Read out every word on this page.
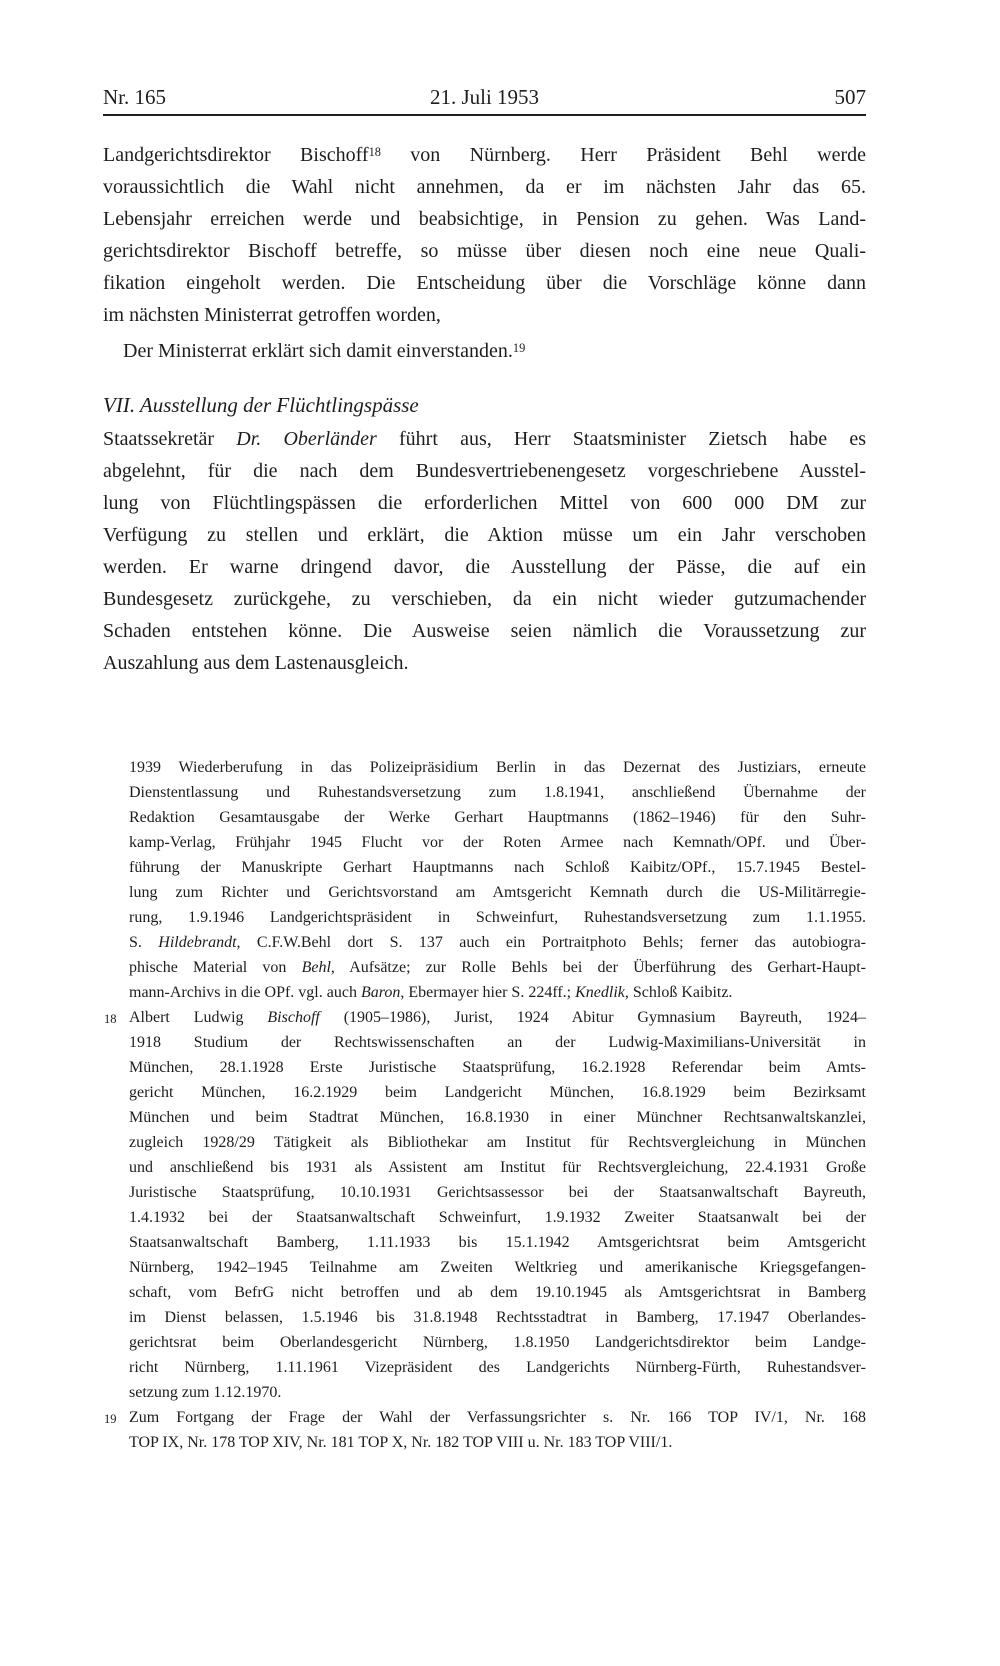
Nr. 165	21. Juli 1953	507
Landgerichtsdirektor Bischoff$^{18}$ von Nürnberg. Herr Präsident Behl werde
voraussichtlich die Wahl nicht annehmen, da er im nächsten Jahr das 65.
Lebensjahr erreichen werde und beabsichtige, in Pension zu gehen. Was Land-
gerichtsdirektor Bischoff betreffe, so müsse über diesen noch eine neue Quali-
fikation eingeholt werden. Die Entscheidung über die Vorschläge könne dann
im nächsten Ministerrat getroffen worden,
Der Ministerrat erklärt sich damit einverstanden.$^{19}$
VII. Ausstellung der Flüchtlingspässe
Staatssekretär Dr. Oberländer führt aus, Herr Staatsminister Zietsch habe es
abgelehnt, für die nach dem Bundesvertriebenengesetz vorgeschriebene Ausstel-
lung von Flüchtlingspässen die erforderlichen Mittel von 600 000 DM zur
Verfügung zu stellen und erklärt, die Aktion müsse um ein Jahr verschoben
werden. Er warne dringend davor, die Ausstellung der Pässe, die auf ein
Bundesgesetz zurückgehe, zu verschieben, da ein nicht wieder gutzumachender
Schaden entstehen könne. Die Ausweise seien nämlich die Voraussetzung zur
Auszahlung aus dem Lastenausgleich.
1939 Wiederberufung in das Polizeipräsidium Berlin in das Dezernat des Justiziars, erneute
Dienstentlassung und Ruhestandsversetzung zum 1.8.1941, anschließend Übernahme der
Redaktion Gesamtausgabe der Werke Gerhart Hauptmanns (1862–1946) für den Suhr-
kamp-Verlag, Frühjahr 1945 Flucht vor der Roten Armee nach Kemnath/OPf. und Über-
führung der Manuskripte Gerhart Hauptmanns nach Schloß Kaibitz/OPf., 15.7.1945 Bestel-
lung zum Richter und Gerichtsvorstand am Amtsgericht Kemnath durch die US-Militärregie-
rung, 1.9.1946 Landgerichtspräsident in Schweinfurt, Ruhestandsversetzung zum 1.1.1955.
S. Hildebrandt, C.F.W.Behl dort S. 137 auch ein Portraitphoto Behls; ferner das autobiogra-
phische Material von Behl, Aufsätze; zur Rolle Behls bei der Überführung des Gerhart-Haupt-
mann-Archivs in die OPf. vgl. auch Baron, Ebermayer hier S. 224ff.; Knedlik, Schloß Kaibitz.
18 Albert Ludwig Bischoff (1905–1986), Jurist, 1924 Abitur Gymnasium Bayreuth, 1924–
1918 Studium der Rechtswissenschaften an der Ludwig-Maximilians-Universität in
München, 28.1.1928 Erste Juristische Staatsprüfung, 16.2.1928 Referendar beim Amts-
gericht München, 16.2.1929 beim Landgericht München, 16.8.1929 beim Bezirksamt
München und beim Stadtrat München, 16.8.1930 in einer Münchner Rechtsanwaltskanzlei,
zugleich 1928/29 Tätigkeit als Bibliothekar am Institut für Rechtsvergleichung in München
und anschließend bis 1931 als Assistent am Institut für Rechtsvergleichung, 22.4.1931 Große
Juristische Staatsprüfung, 10.10.1931 Gerichtsassessor bei der Staatsanwaltschaft Bayreuth,
1.4.1932 bei der Staatsanwaltschaft Schweinfurt, 1.9.1932 Zweiter Staatsanwalt bei der
Staatsanwaltschaft Bamberg, 1.11.1933 bis 15.1.1942 Amtsgerichtsrat beim Amtsgericht
Nürnberg, 1942–1945 Teilnahme am Zweiten Weltkrieg und amerikanische Kriegsgefangen-
schaft, vom BefrG nicht betroffen und ab dem 19.10.1945 als Amtsgerichtsrat in Bamberg
im Dienst belassen, 1.5.1946 bis 31.8.1948 Rechtsstadtrat in Bamberg, 17.1947 Oberlandes-
gerichtsrat beim Oberlandesgericht Nürnberg, 1.8.1950 Landgerichtsdirektor beim Landge-
richt Nürnberg, 1.11.1961 Vizepräsident des Landgerichts Nürnberg-Fürth, Ruhestandsver-
setzung zum 1.12.1970.
19 Zum Fortgang der Frage der Wahl der Verfassungsrichter s. Nr. 166 TOP IV/1, Nr. 168
TOP IX, Nr. 178 TOP XIV, Nr. 181 TOP X, Nr. 182 TOP VIII u. Nr. 183 TOP VIII/1.
